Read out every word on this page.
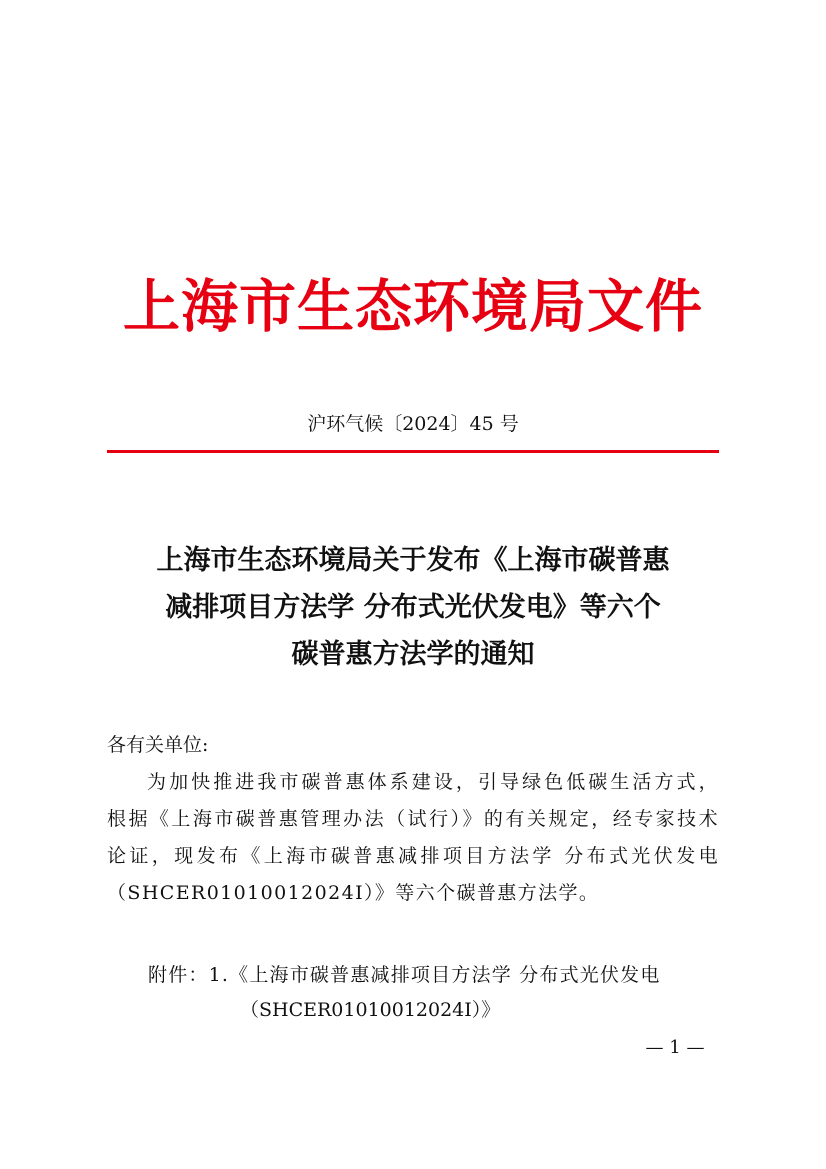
上海市生态环境局文件
沪环气候〔2024〕45 号
上海市生态环境局关于发布《上海市碳普惠
减排项目方法学 分布式光伏发电》等六个
碳普惠方法学的通知
各有关单位:
为加快推进我市碳普惠体系建设，引导绿色低碳生活方式，
根据《上海市碳普惠管理办法（试行）》的有关规定，经专家技术
论证，现发布《上海市碳普惠减排项目方法学 分布式光伏发电
（SHCER01010012024I）》等六个碳普惠方法学。
附件：1.《上海市碳普惠减排项目方法学 分布式光伏发电
（SHCER01010012024I）》
— 1 —
